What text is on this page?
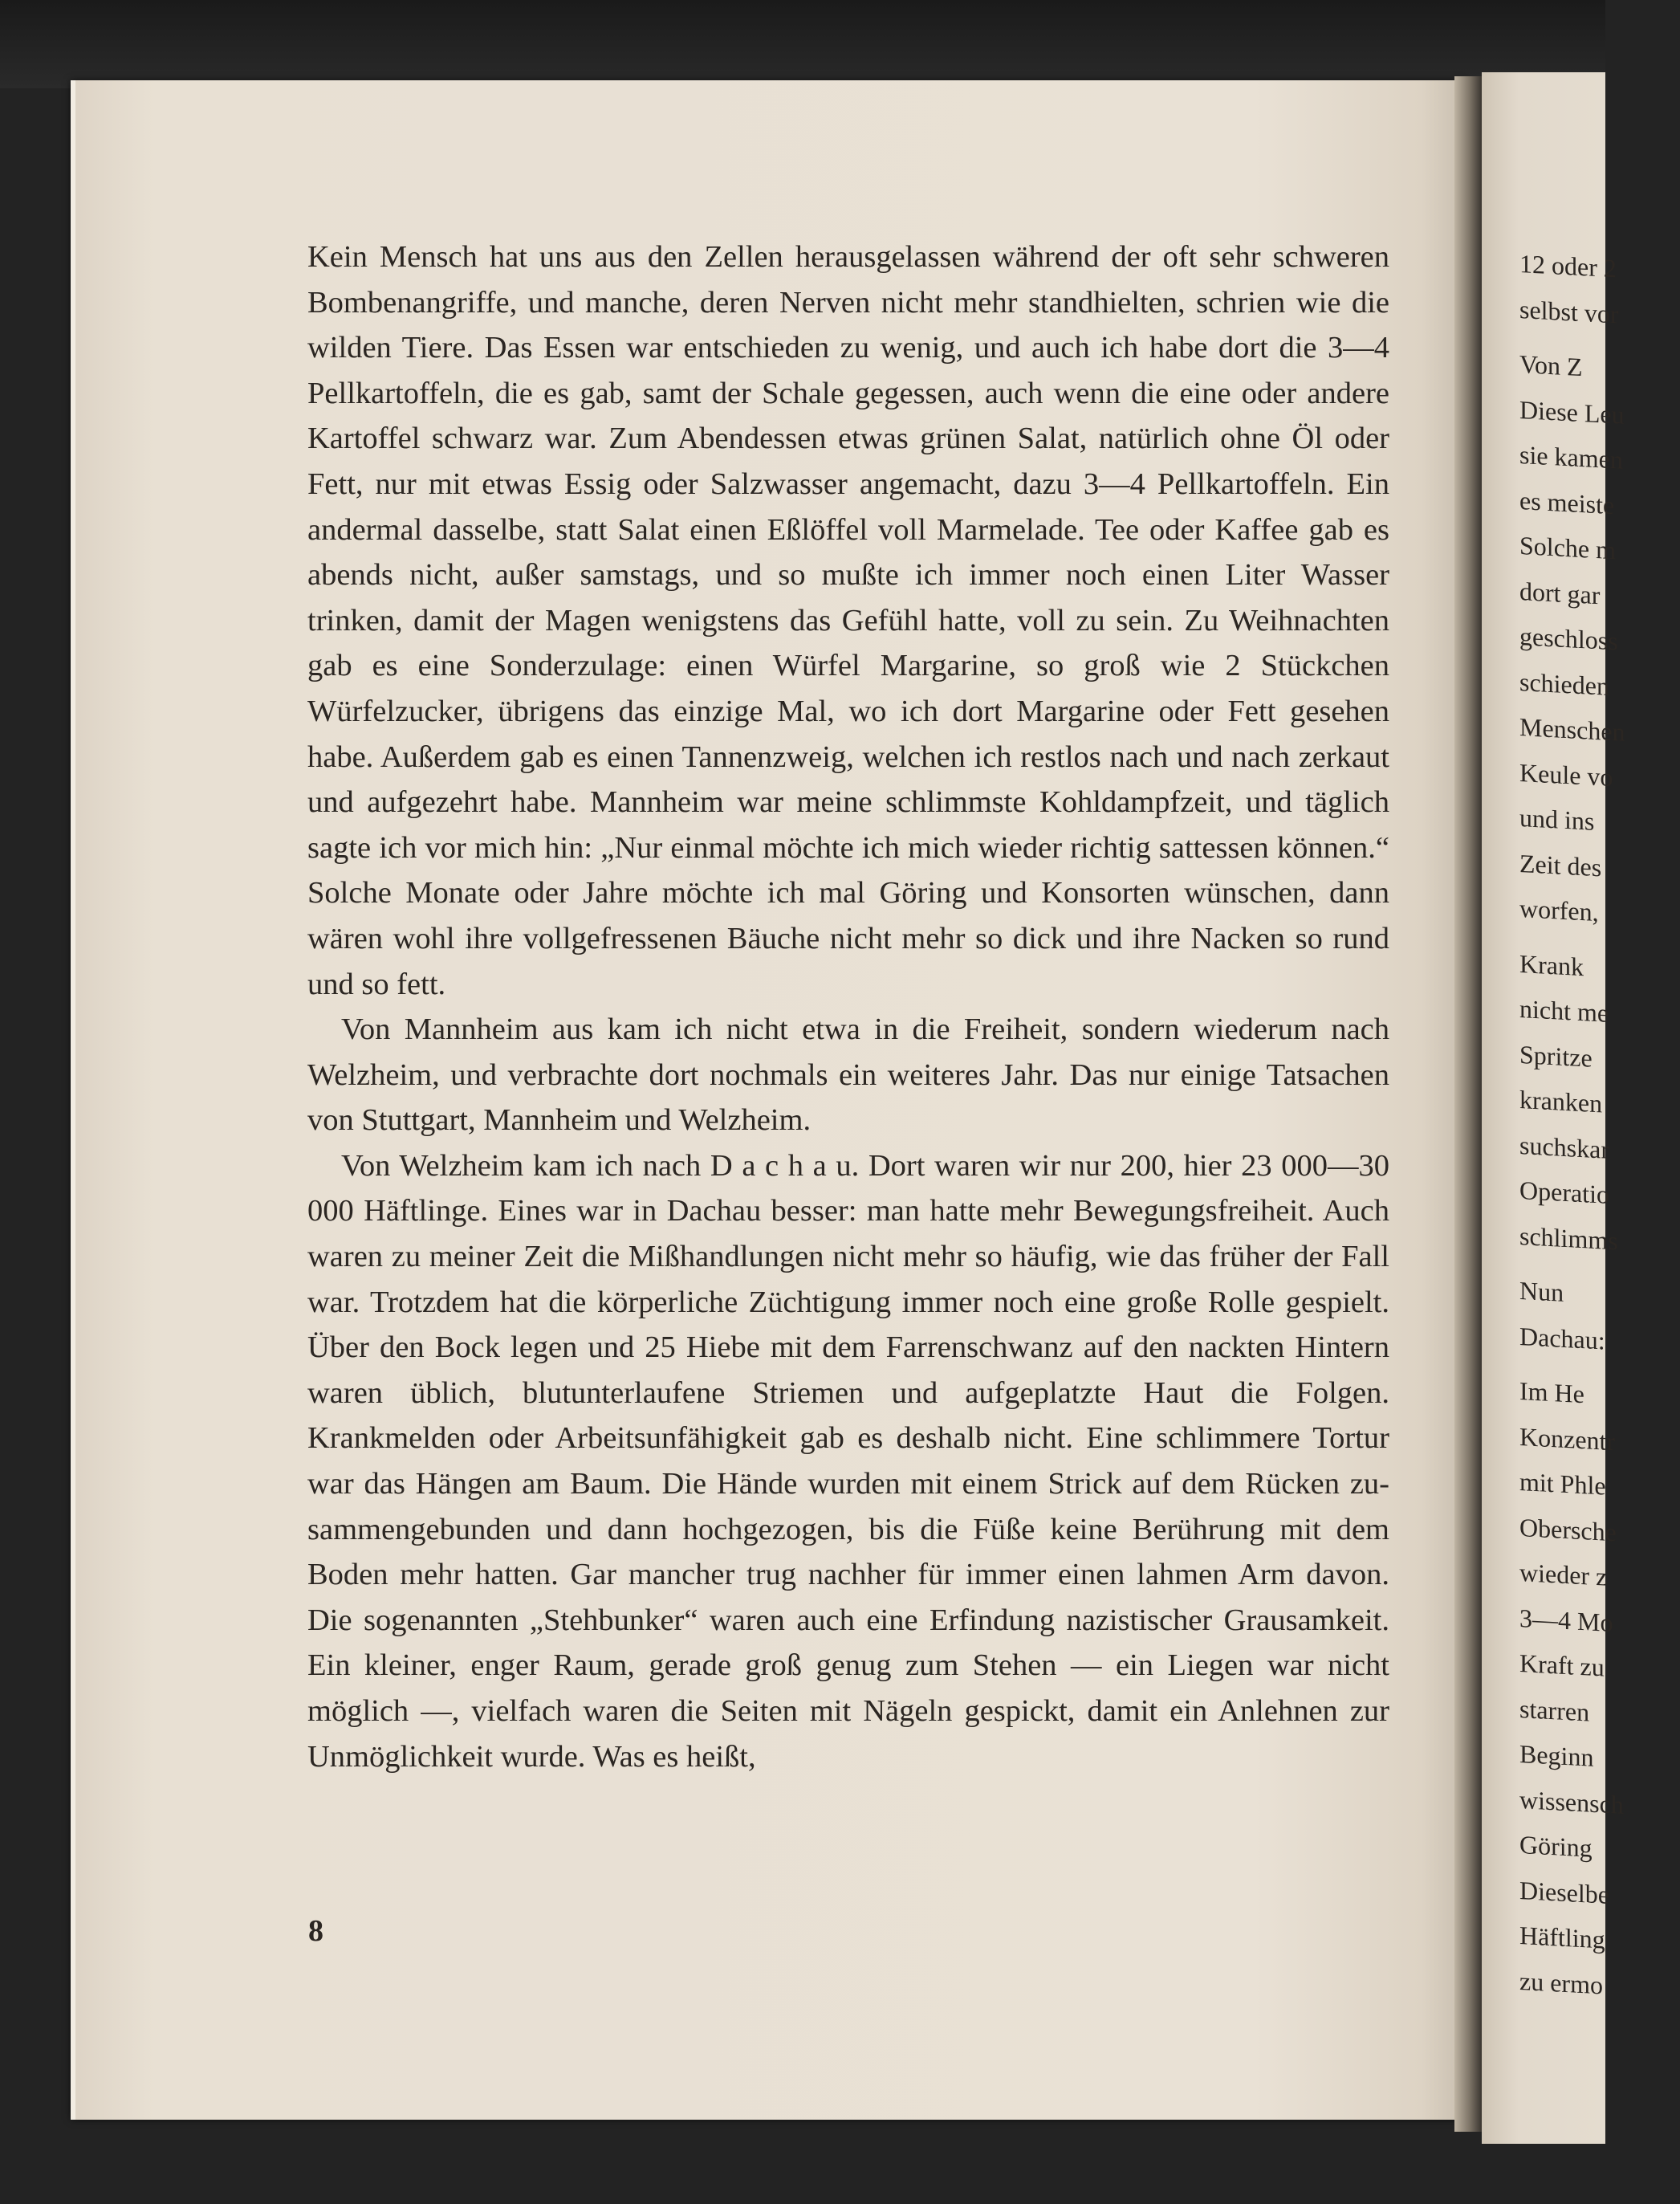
Kein Mensch hat uns aus den Zellen herausgelassen während der oft sehr schweren Bombenangriffe, und manche, deren Nerven nicht mehr standhielten, schrien wie die wilden Tiere. Das Essen war entschieden zu wenig, und auch ich habe dort die 3—4 Pellkartoffeln, die es gab, samt der Schale gegessen, auch wenn die eine oder andere Kartoffel schwarz war. Zum Abendessen etwas grünen Salat, natürlich ohne Öl oder Fett, nur mit etwas Essig oder Salzwasser angemacht, dazu 3—4 Pellkartoffeln. Ein andermal dasselbe, statt Salat einen Eßlöffel voll Marmelade. Tee oder Kaffee gab es abends nicht, außer samstags, und so mußte ich immer noch einen Liter Wasser trinken, damit der Magen wenigstens das Gefühl hatte, voll zu sein. Zu Weihnachten gab es eine Sonderzulage: einen Würfel Margarine, so groß wie 2 Stückchen Würfelzucker, übrigens das einzige Mal, wo ich dort Margarine oder Fett gesehen habe. Außerdem gab es einen Tannenzweig, welchen ich restlos nach und nach zerkaut und aufgezehrt habe. Mannheim war meine schlimmste Kohldampfzeit, und täglich sagte ich vor mich hin: „Nur einmal möchte ich mich wieder richtig sattessen können.“ Solche Monate oder Jahre möchte ich mal Göring und Konsorten wünschen, dann wären wohl ihre vollgefressenen Bäuche nicht mehr so dick und ihre Nacken so rund und so fett.

Von Mannheim aus kam ich nicht etwa in die Freiheit, sondern wiederum nach Welzheim, und verbrachte dort nochmals ein weiteres Jahr. Das nur einige Tatsachen von Stuttgart, Mannheim und Welzheim.

Von Welzheim kam ich nach D a c h a u. Dort waren wir nur 200, hier 23 000—30 000 Häftlinge. Eines war in Dachau besser: man hatte mehr Bewegungsfreiheit. Auch waren zu meiner Zeit die Mißhandlungen nicht mehr so häufig, wie das früher der Fall war. Trotzdem hat die körperliche Züchtigung immer noch eine große Rolle gespielt. Über den Bock legen und 25 Hiebe mit dem Farrenschwanz auf den nackten Hintern waren üblich, blutunterlaufene Striemen und aufgeplatzte Haut die Folgen. Krankmelden oder Arbeitsunfähigkeit gab es deshalb nicht. Eine schlimmere Tortur war das Hängen am Baum. Die Hände wurden mit einem Strick auf dem Rücken zusammengebunden und dann hochgezogen, bis die Füße keine Berührung mit dem Boden mehr hatten. Gar mancher trug nachher für immer einen lahmen Arm davon. Die sogenannten „Stehbunker“ waren auch eine Erfindung nazistischer Grausamkeit. Ein kleiner, enger Raum, gerade groß genug zum Stehen — ein Liegen war nicht möglich —, vielfach waren die Seiten mit Nägeln gespickt, damit ein Anlehnen zur Unmöglichkeit wurde. Was es heißt,

8
12 oder 2
selbst vor
Von Z
Diese Leu
sie kamen
es meiste
Solche m
dort gar
geschloss
schieden
Menschen
Keule vo
und ins
Zeit des
worfen,
Krank
nicht me
Spritze
kranken
suchskar
Operatio
schlimms
Nun
Dachau:
Im He
Konzentr
mit Phle
Obersche
wieder z
3—4 Mo
Kraft zu
starren
Beginn
wissensch
Göring
Dieselbe
Häftling
zu ermo
